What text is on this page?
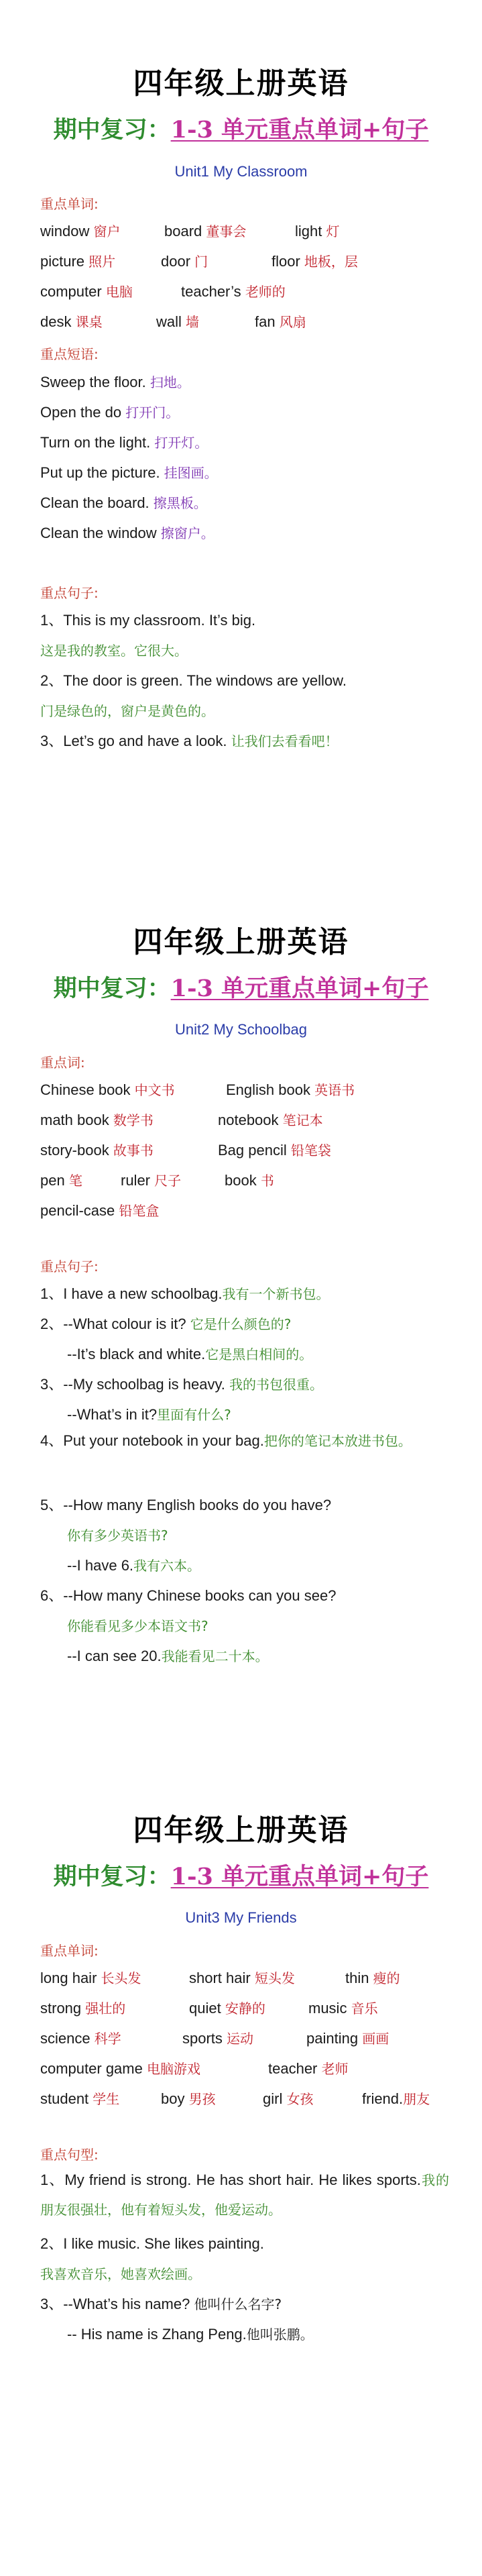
四年级上册英语
期中复习：1-3 单元重点单词+句子
Unit1 My Classroom
重点单词:
window 窗户	board 董事会	light 灯
picture 照片	door 门	floor 地板，层
computer 电脑	teacher’s 老师的
desk 课桌	wall 墙	fan 风扇
重点短语:
Sweep the floor. 扫地。
Open the do 打开门。
Turn on the light. 打开灯。
Put up the picture. 挂图画。
Clean the board. 擦黑板。
Clean the window 擦窗户。
重点句子:
1、This is my classroom. It’s big.
这是我的教室。它很大。
2、The door is green. The windows are yellow.
门是绿色的，窗户是黄色的。
3、Let’s go and have a look. 让我们去看看吧！
四年级上册英语
期中复习：1-3 单元重点单词+句子
Unit2 My Schoolbag
重点词:
Chinese book 中文书	English book 英语书
math book 数学书	notebook 笔记本
story-book 故事书	Bag pencil 铅笔袋
pen 笔	ruler 尺子	book 书
pencil-case 铅笔盒
重点句子:
1、I have a new schoolbag.我有一个新书包。
2、--What colour is it? 它是什么颜色的?
--It’s black and white.它是黑白相间的。
3、--My schoolbag is heavy. 我的书包很重。
--What’s in it?里面有什么?
4、Put your notebook in your bag.把你的笔记本放进书包。
5、--How many English books do you have?
你有多少英语书?
--I have 6.我有六本。
6、--How many Chinese books can you see?
你能看见多少本语文书?
--I can see 20.我能看见二十本。
四年级上册英语
期中复习：1-3 单元重点单词+句子
Unit3 My Friends
重点单词:
long hair 长头发	short hair 短头发	thin 瘦的
strong 强壮的	quiet 安静的	music 音乐
science 科学	sports 运动	painting 画画
computer game 电脑游戏	teacher 老师
student 学生	boy 男孩	girl 女孩	friend.朋友
重点句型:
1、My friend is strong. He has short hair. He likes sports.我的朋友很强壮，他有着短头发，他爱运动。
2、I like music. She likes painting.
我喜欢音乐，她喜欢绘画。
3、--What’s his name? 他叫什么名字?
-- His name is Zhang Peng.他叫张鹏。
